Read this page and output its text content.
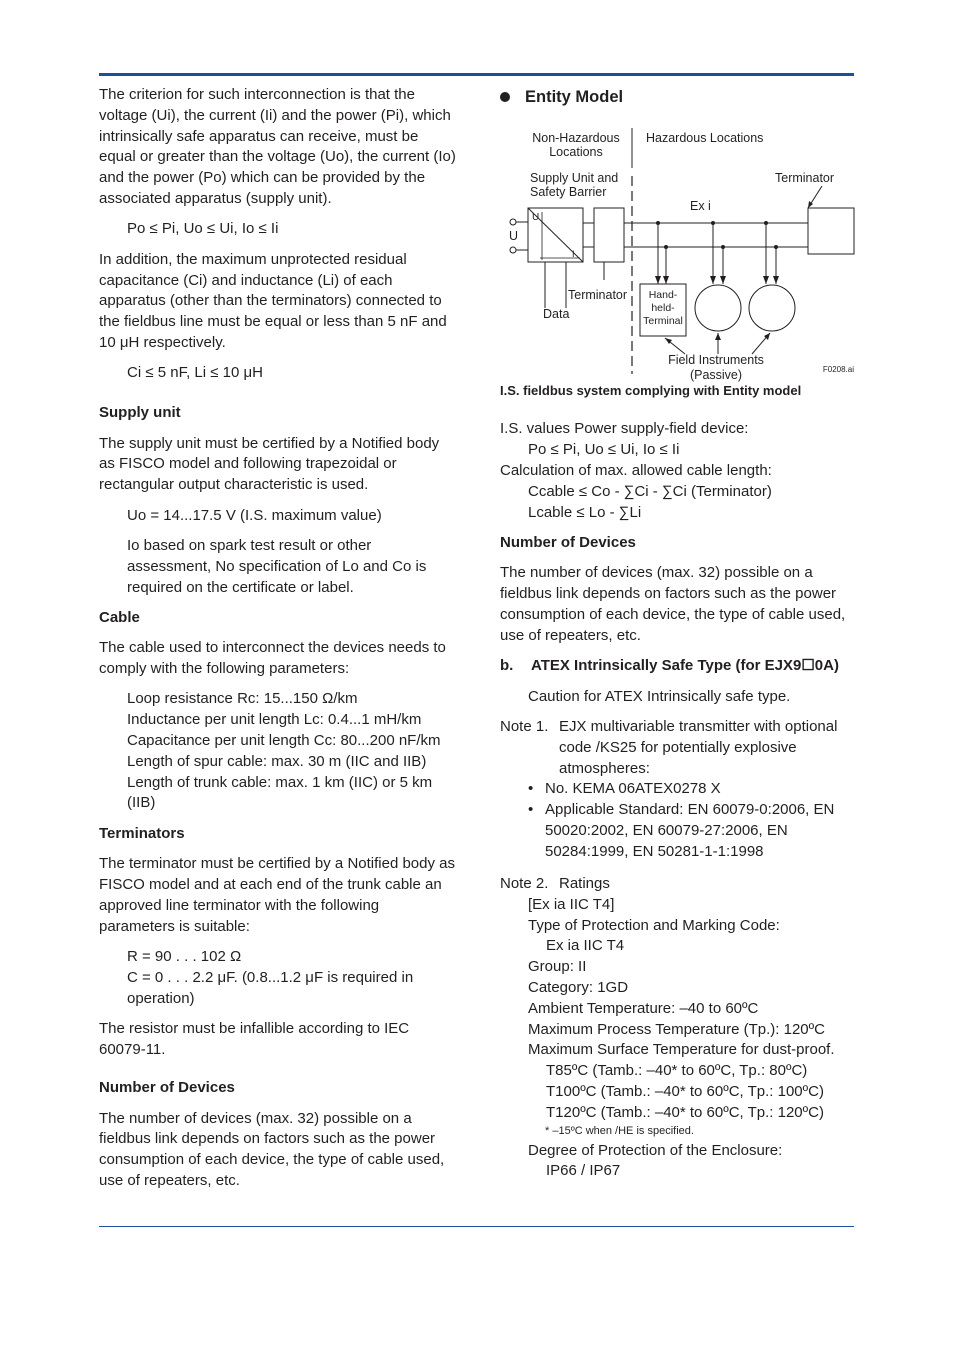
The criterion for such interconnection is that the voltage (Ui), the current (Ii) and the power (Pi), which intrinsically safe apparatus can receive, must be equal or greater than the voltage (Uo), the current (Io) and the power (Po) which can be provided by the associated apparatus (supply unit).

Po ≤ Pi, Uo ≤ Ui, Io ≤ Ii

In addition, the maximum unprotected residual capacitance (Ci) and inductance (Li) of each apparatus (other than the terminators) connected to the fieldbus line must be equal or less than 5 nF and 10 μH respectively.

Ci ≤ 5 nF, Li ≤ 10 μH

Supply unit

The supply unit must be certified by a Notified body as FISCO model and following trapezoidal or rectangular output characteristic is used.

Uo = 14...17.5 V (I.S. maximum value)

Io based on spark test result or other assessment, No specification of Lo and Co is required on the certificate or label.

Cable

The cable used to interconnect the devices needs to comply with the following parameters:

Loop resistance Rc: 15...150 Ω/km

Inductance per unit length Lc: 0.4...1 mH/km

Capacitance per unit length Cc: 80...200 nF/km

Length of spur cable: max. 30 m (IIC and IIB)

Length of trunk cable: max. 1 km (IIC) or 5 km (IIB)

Terminators

The terminator must be certified by a Notified body as FISCO model and at each end of the trunk cable an approved line terminator with the following parameters is suitable:

R = 90 . . . 102 Ω

C = 0 . . . 2.2 μF. (0.8...1.2 μF is required in operation)

The resistor must be infallible according to IEC 60079-11.

Number of Devices

The number of devices (max. 32) possible on a fieldbus link depends on factors such as the power consumption of each device, the type of cable used, use of repeaters, etc.

Entity Model
Non-Hazardous
Locations
Hazardous Locations
Supply Unit and
Safety Barrier
Terminator
Ex i
U
U
I
Data
Terminator Hand-
held-
Terminal
Field Instruments
(Passive)	F0208.ai

I.S. fieldbus system complying with Entity model

I.S. values Power supply-field device:

Po ≤ Pi, Uo ≤ Ui, Io ≤ Ii

Calculation of max. allowed cable length:

Ccable ≤ Co - ∑Ci - ∑Ci (Terminator)

Lcable ≤ Lo - ∑Li

Number of Devices

The number of devices (max. 32) possible on a fieldbus link depends on factors such as the power consumption of each device, the type of cable used, use of repeaters, etc.

b.	ATEX Intrinsically Safe Type (for EJX9☐0A)

Caution for ATEX Intrinsically safe type.

Note 1. EJX multivariable transmitter with optional code /KS25 for potentially explosive atmospheres:
• No. KEMA 06ATEX0278 X
• Applicable Standard: EN 60079-0:2006, EN 50020:2002, EN 60079-27:2006, EN 50284:1999, EN 50281-1-1:1998
Note 2. Ratings

[Ex ia IIC T4]

Type of Protection and Marking Code:

Ex ia IIC T4

Group: II

Category: 1GD

Ambient Temperature: –40 to 60ºC

Maximum Process Temperature (Tp.): 120ºC

Maximum Surface Temperature for dust-proof.

T85ºC (Tamb.: –40* to 60ºC, Tp.: 80ºC)

T100ºC (Tamb.: –40* to 60ºC, Tp.: 100ºC)

T120ºC (Tamb.: –40* to 60ºC, Tp.: 120ºC)

* –15ºC when /HE is specified.

Degree of Protection of the Enclosure:

IP66 / IP67
